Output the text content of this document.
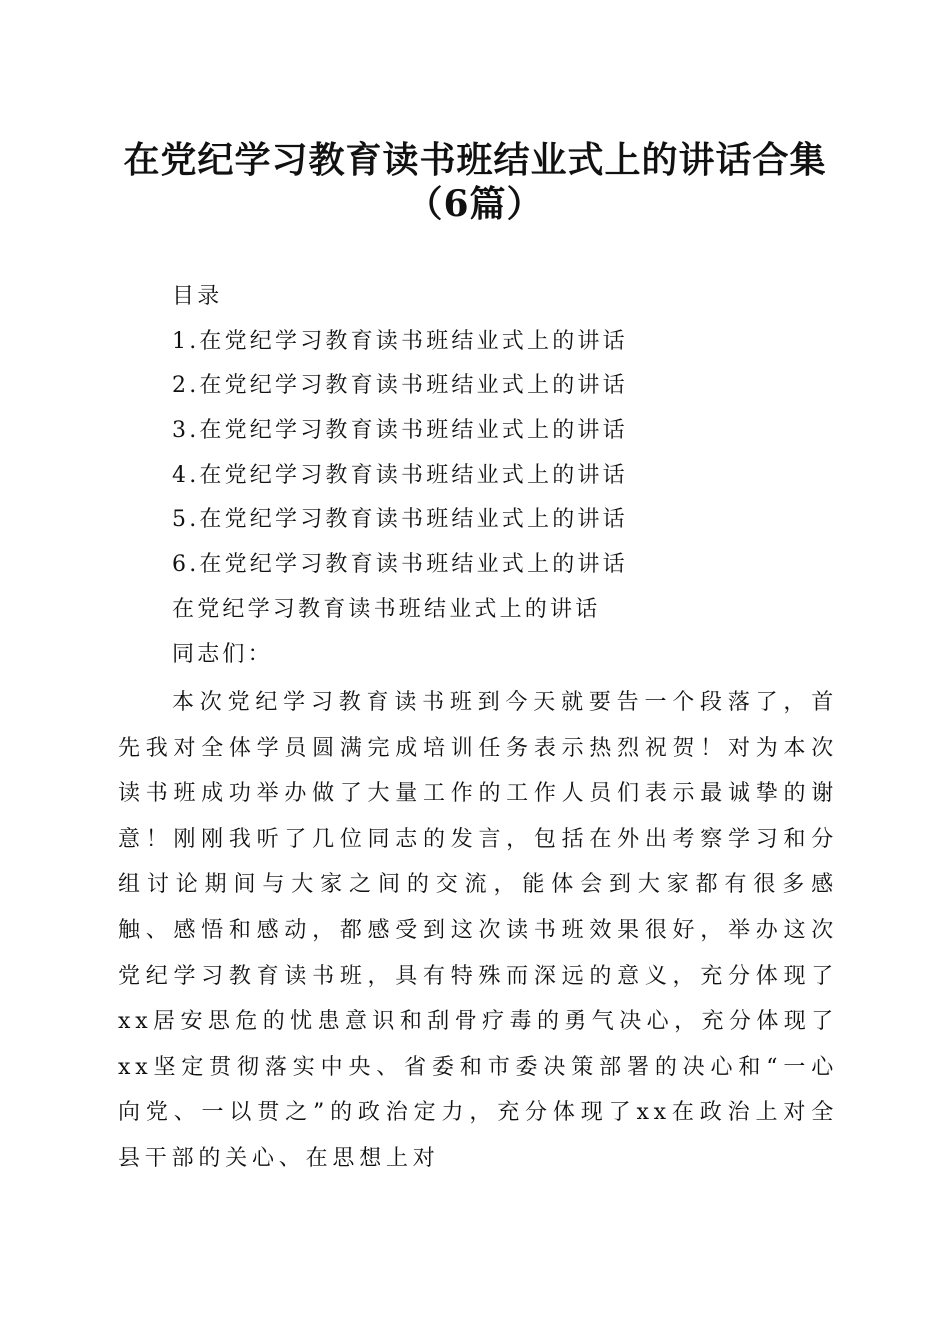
在党纪学习教育读书班结业式上的讲话合集
（6篇）
目录
1.在党纪学习教育读书班结业式上的讲话
2.在党纪学习教育读书班结业式上的讲话
3.在党纪学习教育读书班结业式上的讲话
4.在党纪学习教育读书班结业式上的讲话
5.在党纪学习教育读书班结业式上的讲话
6.在党纪学习教育读书班结业式上的讲话
在党纪学习教育读书班结业式上的讲话
同志们：

本次党纪学习教育读书班到今天就要告一个段落了，首先我对全体学员圆满完成培训任务表示热烈祝贺！对为本次读书班成功举办做了大量工作的工作人员们表示最诚挚的谢意！刚刚我听了几位同志的发言，包括在外出考察学习和分组讨论期间与大家之间的交流，能体会到大家都有很多感触、感悟和感动，都感受到这次读书班效果很好，举办这次党纪学习教育读书班，具有特殊而深远的意义，充分体现了xx居安思危的忧患意识和刮骨疗毒的勇气决心，充分体现了xx坚定贯彻落实中央、省委和市委决策部署的决心和“一心向党、一以贯之”的政治定力，充分体现了xx在政治上对全县干部的关心、在思想上对
